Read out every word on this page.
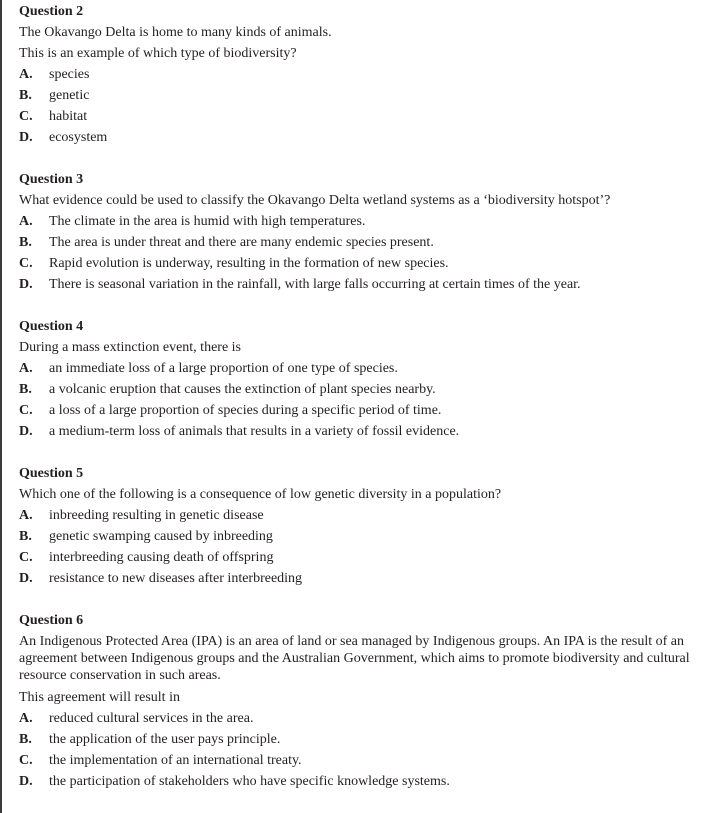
Question 2
The Okavango Delta is home to many kinds of animals.
This is an example of which type of biodiversity?
A.	species
B.	genetic
C.	habitat
D.	ecosystem
Question 3
What evidence could be used to classify the Okavango Delta wetland systems as a ‘biodiversity hotspot’?
A.	The climate in the area is humid with high temperatures.
B.	The area is under threat and there are many endemic species present.
C.	Rapid evolution is underway, resulting in the formation of new species.
D.	There is seasonal variation in the rainfall, with large falls occurring at certain times of the year.
Question 4
During a mass extinction event, there is
A.	an immediate loss of a large proportion of one type of species.
B.	a volcanic eruption that causes the extinction of plant species nearby.
C.	a loss of a large proportion of species during a specific period of time.
D.	a medium-term loss of animals that results in a variety of fossil evidence.
Question 5
Which one of the following is a consequence of low genetic diversity in a population?
A.	inbreeding resulting in genetic disease
B.	genetic swamping caused by inbreeding
C.	interbreeding causing death of offspring
D.	resistance to new diseases after interbreeding
Question 6
An Indigenous Protected Area (IPA) is an area of land or sea managed by Indigenous groups. An IPA is the result of an agreement between Indigenous groups and the Australian Government, which aims to promote biodiversity and cultural resource conservation in such areas.
This agreement will result in
A.	reduced cultural services in the area.
B.	the application of the user pays principle.
C.	the implementation of an international treaty.
D.	the participation of stakeholders who have specific knowledge systems.
